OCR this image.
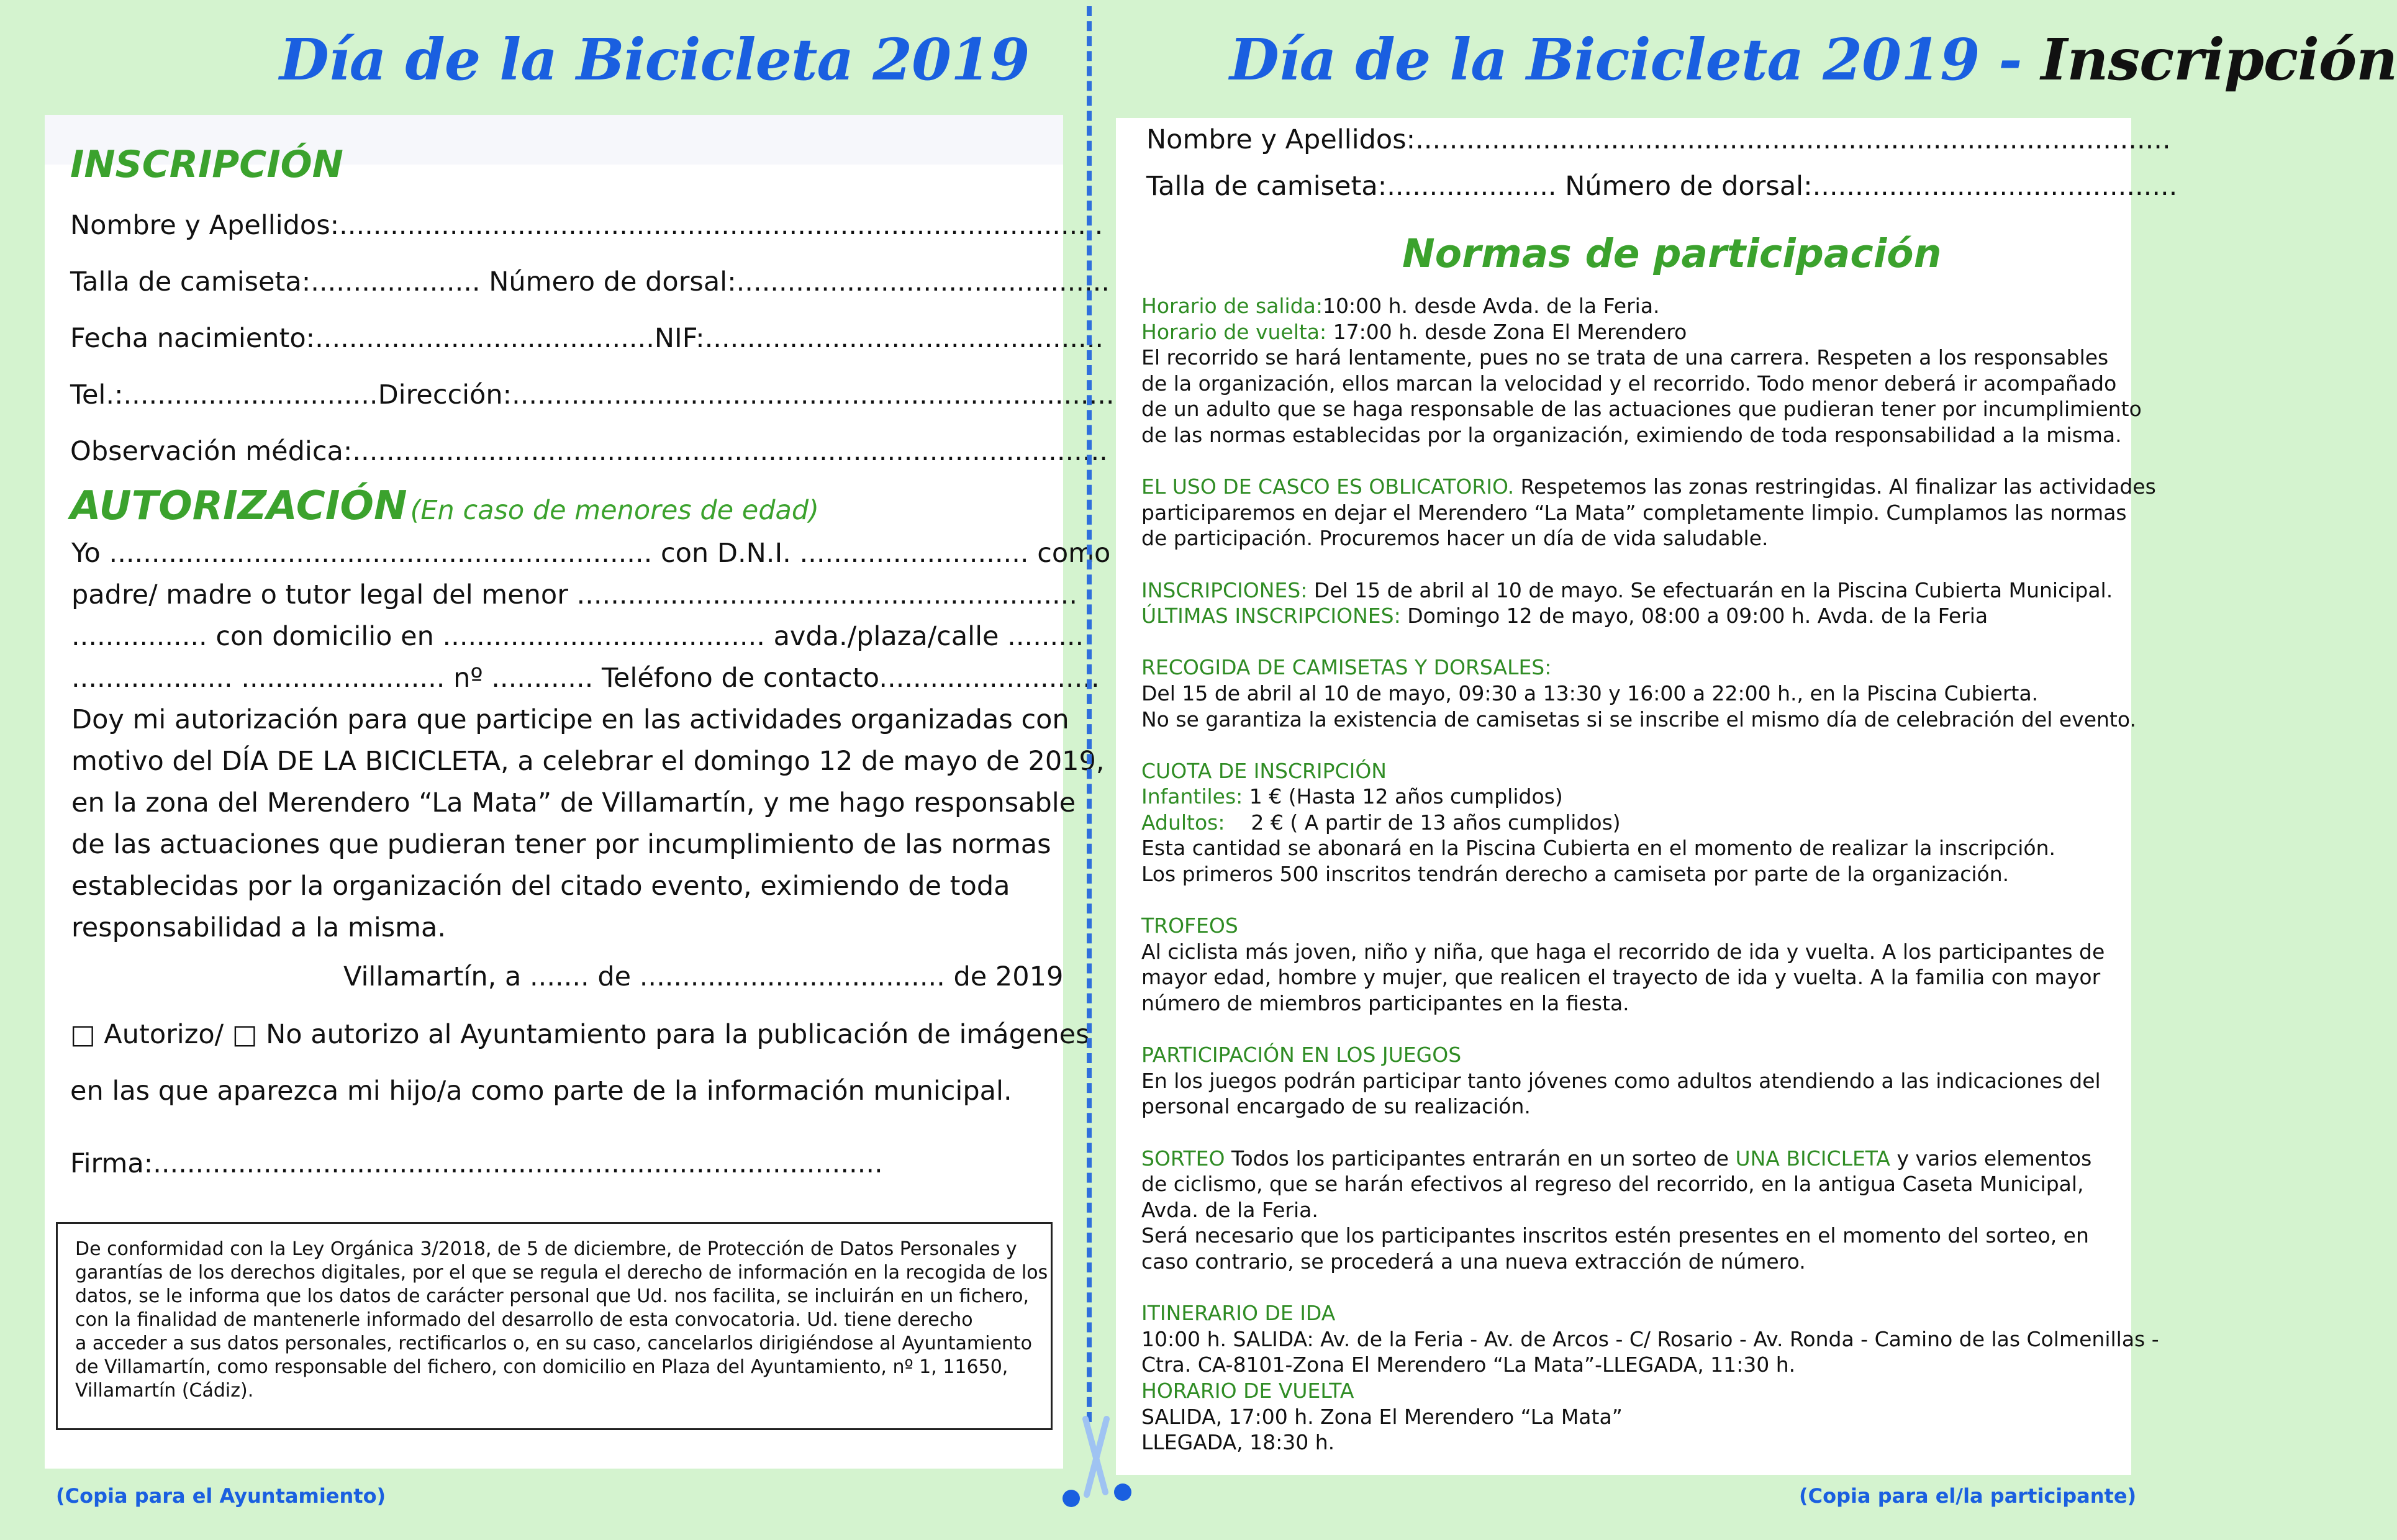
Día de la Bicicleta 2019	Día de la Bicicleta 2019 - Inscripción
INSCRIPCIÓN
Nombre y Apellidos:..........................................................................................
Talla de camiseta:.................... Número de dorsal:............................................
Fecha nacimiento:........................................NIF:...............................................
Tel.:..............................Dirección:.......................................................................
Observación médica:.........................................................................................
AUTORIZACIÓN (En caso de menores de edad)
Yo ................................................................ con D.N.I. ........................... como
padre/ madre o tutor legal del menor ...........................................................
................ con domicilio en ...................................... avda./plaza/calle .........
................... ........................ nº ............ Teléfono de contacto..........................
Doy mi autorización para que participe en las actividades organizadas con
motivo del DÍA DE LA BICICLETA, a celebrar el domingo 12 de mayo de 2019,
en la zona del Merendero “La Mata” de Villamartín, y me hago responsable
de las actuaciones que pudieran tener por incumplimiento de las normas
establecidas por la organización del citado evento, eximiendo de toda
responsabilidad a la misma.
Villamartín, a ....... de .................................... de 2019
□ Autorizo/ □ No autorizo al Ayuntamiento para la publicación de imágenes
en las que aparezca mi hijo/a como parte de la información municipal.
Firma:......................................................................................
De conformidad con la Ley Orgánica 3/2018, de 5 de diciembre, de Protección de Datos Personales y
garantías de los derechos digitales, por el que se regula el derecho de información en la recogida de los
datos, se le informa que los datos de carácter personal que Ud. nos facilita, se incluirán en un fichero,
con la finalidad de mantenerle informado del desarrollo de esta convocatoria. Ud. tiene derecho
a acceder a sus datos personales, rectificarlos o, en su caso, cancelarlos dirigiéndose al Ayuntamiento
de Villamartín, como responsable del fichero, con domicilio en Plaza del Ayuntamiento, nº 1, 11650,
Villamartín (Cádiz).
(Copia para el Ayuntamiento)
Nombre y Apellidos:.........................................................................................
Talla de camiseta:.................... Número de dorsal:...........................................
Normas de participación
Horario de salida:10:00 h. desde Avda. de la Feria.
Horario de vuelta: 17:00 h. desde Zona El Merendero
El recorrido se hará lentamente, pues no se trata de una carrera. Respeten a los responsables
de la organización, ellos marcan la velocidad y el recorrido. Todo menor deberá ir acompañado
de un adulto que se haga responsable de las actuaciones que pudieran tener por incumplimiento
de las normas establecidas por la organización, eximiendo de toda responsabilidad a la misma.
EL USO DE CASCO ES OBLICATORIO. Respetemos las zonas restringidas. Al finalizar las actividades
participaremos en dejar el Merendero “La Mata” completamente limpio. Cumplamos las normas
de participación. Procuremos hacer un día de vida saludable.
INSCRIPCIONES: Del 15 de abril al 10 de mayo. Se efectuarán en la Piscina Cubierta Municipal.
ÚLTIMAS INSCRIPCIONES: Domingo 12 de mayo, 08:00 a 09:00 h. Avda. de la Feria
RECOGIDA DE CAMISETAS Y DORSALES:
Del 15 de abril al 10 de mayo, 09:30 a 13:30 y 16:00 a 22:00 h., en la Piscina Cubierta.
No se garantiza la existencia de camisetas si se inscribe el mismo día de celebración del evento.
CUOTA DE INSCRIPCIÓN
Infantiles: 1 € (Hasta 12 años cumplidos)
Adultos:    2 € ( A partir de 13 años cumplidos)
Esta cantidad se abonará en la Piscina Cubierta en el momento de realizar la inscripción.
Los primeros 500 inscritos tendrán derecho a camiseta por parte de la organización.
TROFEOS
Al ciclista más joven, niño y niña, que haga el recorrido de ida y vuelta. A los participantes de
mayor edad, hombre y mujer, que realicen el trayecto de ida y vuelta. A la familia con mayor
número de miembros participantes en la fiesta.
PARTICIPACIÓN EN LOS JUEGOS
En los juegos podrán participar tanto jóvenes como adultos atendiendo a las indicaciones del
personal encargado de su realización.
SORTEO Todos los participantes entrarán en un sorteo de UNA BICICLETA y varios elementos
de ciclismo, que se harán efectivos al regreso del recorrido, en la antigua Caseta Municipal,
Avda. de la Feria.
Será necesario que los participantes inscritos estén presentes en el momento del sorteo, en
caso contrario, se procederá a una nueva extracción de número.
ITINERARIO DE IDA
10:00 h. SALIDA: Av. de la Feria - Av. de Arcos - C/ Rosario - Av. Ronda - Camino de las Colmenillas -
Ctra. CA-8101-Zona El Merendero “La Mata”-LLEGADA, 11:30 h.
HORARIO DE VUELTA
SALIDA, 17:00 h. Zona El Merendero “La Mata”
LLEGADA, 18:30 h.
(Copia para el/la participante)
